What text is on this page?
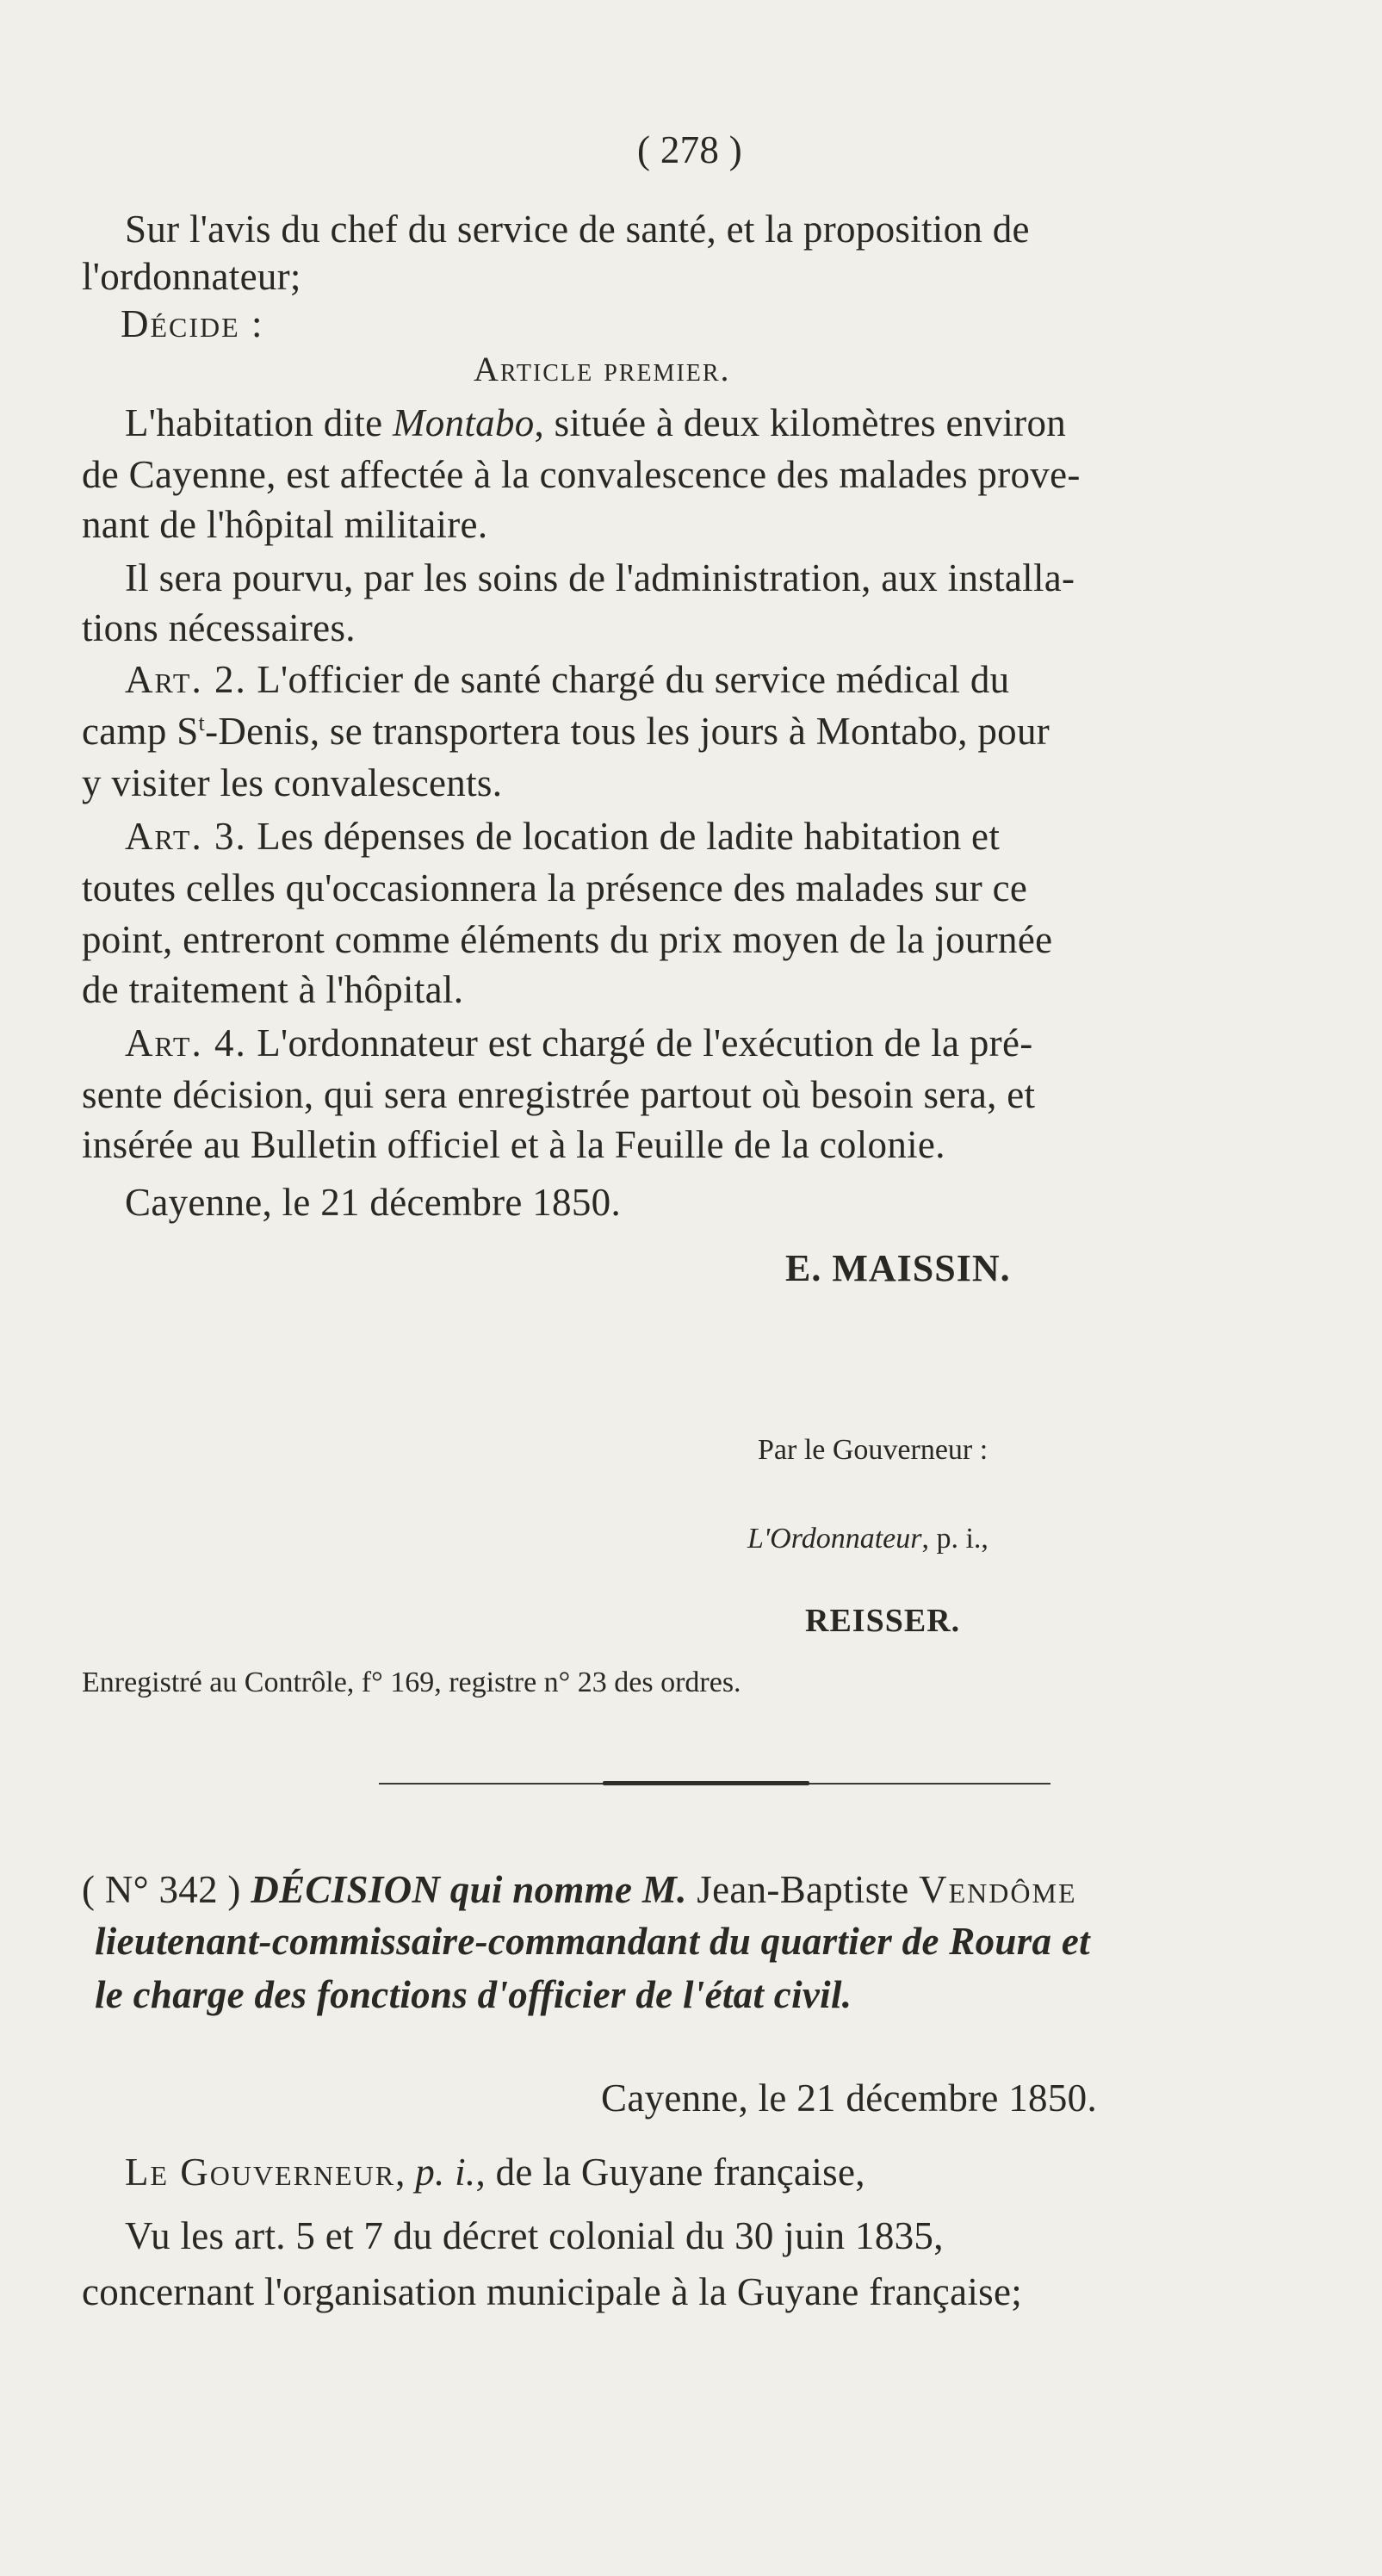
( 278 )
Sur l'avis du chef du service de santé, et la proposition de
l'ordonnateur;
Décide :
Article premier.
L'habitation dite Montabo, située à deux kilomètres environ
de Cayenne, est affectée à la convalescence des malades prove-
nant de l'hôpital militaire.
Il sera pourvu, par les soins de l'administration, aux installa-
tions nécessaires.
Art. 2. L'officier de santé chargé du service médical du
camp $S^t$-Denis, se transportera tous les jours à Montabo, pour
y visiter les convalescents.
Art. 3. Les dépenses de location de ladite habitation et
toutes celles qu'occasionnera la présence des malades sur ce
point, entreront comme éléments du prix moyen de la journée
de traitement à l'hôpital.
Art. 4. L'ordonnateur est chargé de l'exécution de la pré-
sente décision, qui sera enregistrée partout où besoin sera, et
insérée au Bulletin officiel et à la Feuille de la colonie.
Cayenne, le 21 décembre 1850.
E. MAISSIN.
Par le Gouverneur :
L'Ordonnateur, p. i.,
REISSER.
Enregistré au Contrôle, f° 169, registre n° 23 des ordres.
( N° 342 ) DÉCISION qui nomme M. Jean-Baptiste Vendôme
lieutenant-commissaire-commandant du quartier de Roura et
le charge des fonctions d'officier de l'état civil.
Cayenne, le 21 décembre 1850.
Le Gouverneur, p. i., de la Guyane française,
Vu les art. 5 et 7 du décret colonial du 30 juin 1835,
concernant l'organisation municipale à la Guyane française;
